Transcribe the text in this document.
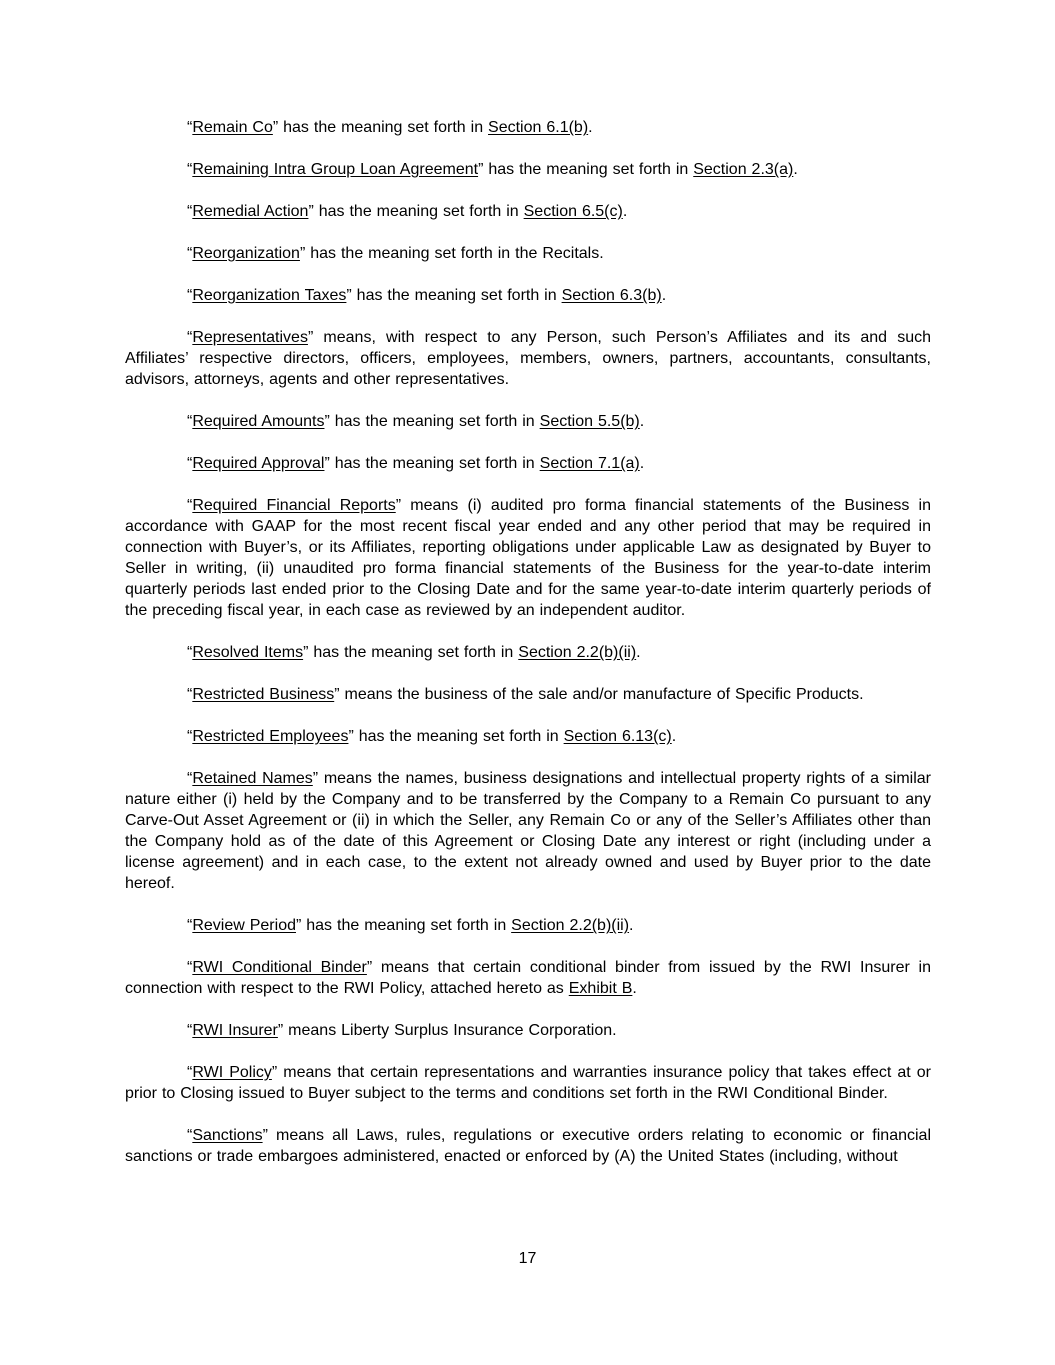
“Remain Co” has the meaning set forth in Section 6.1(b).

“Remaining Intra Group Loan Agreement” has the meaning set forth in Section 2.3(a).

“Remedial Action” has the meaning set forth in Section 6.5(c).

“Reorganization” has the meaning set forth in the Recitals.

“Reorganization Taxes” has the meaning set forth in Section 6.3(b).

“Representatives” means, with respect to any Person, such Person’s Affiliates and its and such Affiliates’ respective directors, officers, employees, members, owners, partners, accountants, consultants, advisors, attorneys, agents and other representatives.

“Required Amounts” has the meaning set forth in Section 5.5(b).

“Required Approval” has the meaning set forth in Section 7.1(a).

“Required Financial Reports” means (i) audited pro forma financial statements of the Business in accordance with GAAP for the most recent fiscal year ended and any other period that may be required in connection with Buyer’s, or its Affiliates, reporting obligations under applicable Law as designated by Buyer to Seller in writing, (ii) unaudited pro forma financial statements of the Business for the year-to-date interim quarterly periods last ended prior to the Closing Date and for the same year-to-date interim quarterly periods of the preceding fiscal year, in each case as reviewed by an independent auditor.

“Resolved Items” has the meaning set forth in Section 2.2(b)(ii).

“Restricted Business” means the business of the sale and/or manufacture of Specific Products.

“Restricted Employees” has the meaning set forth in Section 6.13(c).

“Retained Names” means the names, business designations and intellectual property rights of a similar nature either (i) held by the Company and to be transferred by the Company to a Remain Co pursuant to any Carve-Out Asset Agreement or (ii) in which the Seller, any Remain Co or any of the Seller’s Affiliates other than the Company hold as of the date of this Agreement or Closing Date any interest or right (including under a license agreement) and in each case, to the extent not already owned and used by Buyer prior to the date hereof.

“Review Period” has the meaning set forth in Section 2.2(b)(ii).

“RWI Conditional Binder” means that certain conditional binder from issued by the RWI Insurer in connection with respect to the RWI Policy, attached hereto as Exhibit B.

“RWI Insurer” means Liberty Surplus Insurance Corporation.

“RWI Policy” means that certain representations and warranties insurance policy that takes effect at or prior to Closing issued to Buyer subject to the terms and conditions set forth in the RWI Conditional Binder.

“Sanctions” means all Laws, rules, regulations or executive orders relating to economic or financial sanctions or trade embargoes administered, enacted or enforced by (A) the United States (including, without

17
